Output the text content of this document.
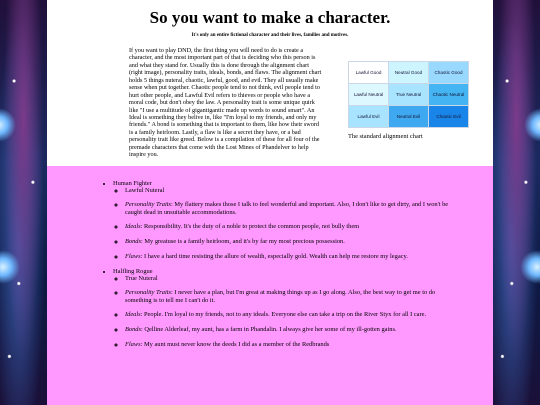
So you want to make a character.
It's only an entire fictional character and their lives, families and motives.

If you want to play DND, the first thing you will need to do is create a character, and the most important part of that is deciding who this person is and what they stand for. Usually this is done through the alignment chart (right image), personality traits, ideals, bonds, and flaws. The alignment chart holds 5 things nuteral, chaotic, lawful, good, and evil. They all usually make sense when put together. Chaotic people tend to not think, evil people tend to hurt other people, and Lawful Evil refers to thieves or people who have a moral code, but don't obey the law. A personality trait is some unique quirk like "I use a multitude of gigantigantic made up words to sound smart". An Ideal is something they belive in, like "I'm loyal to my friends, and only my friends." A bond is something that is important to them, like how their sword is a family heirloom. Lastly, a flaw is like a secret they have, or a bad personality trait like greed. Below is a compilation of these for all four of the premade characters that come with the Lost Mines of Phandelver to help inspire you.

Lawful Good	Neutral Good	Chaotic Good
Lawful Neutral	True Neutral	Chaotic Neutral
Lawful Evil	Neutral Evil	Chaotic Evil
The standard alignment chart
• Human Fighter
◦ Lawful Nuteral
◦ Personality Traits: My flattery makes those I talk to feel wonderful and important. Also, I don't like to get dirty, and I won't be caught dead in unsuitable accommodations.
◦ Ideals: Responsibility. It's the duty of a noble to protect the common people, not bully them
◦ Bonds: My greatuse is a family heirloom, and it's by far my most precious possession.
◦ Flaws: I have a hard time resisting the allure of wealth, especially gold. Wealth can help me restore my legacy.
• Halfling Rogue
◦ True Nuteral
◦ Personality Traits: I never have a plan, but I'm great at making things up as I go along. Also, the best way to get me to do something is to tell me I can't do it.
◦ Ideals: People. I'm loyal to my friends, not to any ideals. Everyone else can take a trip on the River Styx for all I care.
◦ Bonds: Qelline Alderleaf, my aunt, has a farm in Phandalin. I always give her some of my ill-gotten gains.
◦ Flaws: My aunt must never know the deeds I did as a member of the Redbrands
